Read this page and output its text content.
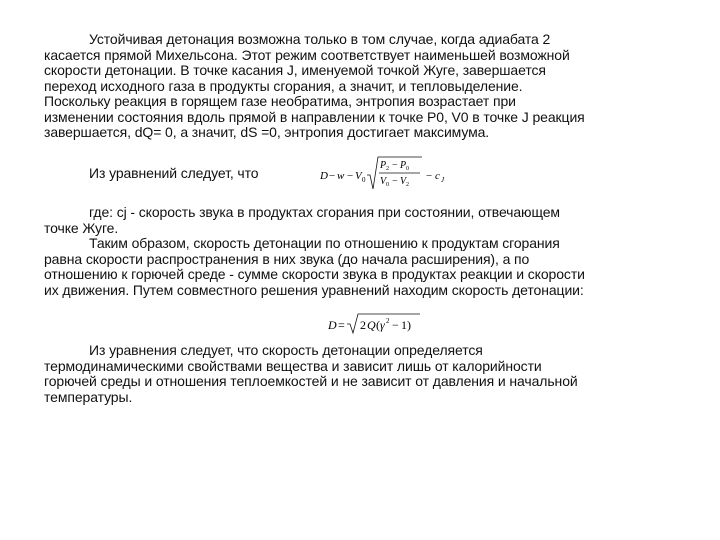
Устойчивая детонация возможна только в том случае, когда адиабата 2
касается прямой Михельсона. Этот режим соответствует наименьшей возможной
скорости детонации. В точке касания J, именуемой точкой Жуге, завершается
переход исходного газа в продукты сгорания, а значит, и тепловыделение.
Поскольку реакция в горящем газе необратима, энтропия возрастает при
изменении состояния вдоль прямой в направлении к точке P0, V0 в точке J реакция
завершается, dQ= 0, а значит, dS =0, энтропия достигает максимума.

Из уравнений следует, что	D − w − V 0
P 2 − P 0
V 0 − V 2
− c J

где: cj - скорость звука в продуктах сгорания при состоянии, отвечающем
точке Жуге.
Таким образом, скорость детонации по отношению к продуктам сгорания
равна скорости распространения в них звука (до начала расширения), а по
отношению к горючей среде - сумме скорости звука в продуктах реакции и скорости
их движения. Путем совместного решения уравнений находим скорость детонации:

D = 2 Q ( γ 2 − 1)

Из уравнения следует, что скорость детонации определяется
термодинамическими свойствами вещества и зависит лишь от калорийности
горючей среды и отношения теплоемкостей и не зависит от давления и начальной
температуры.
